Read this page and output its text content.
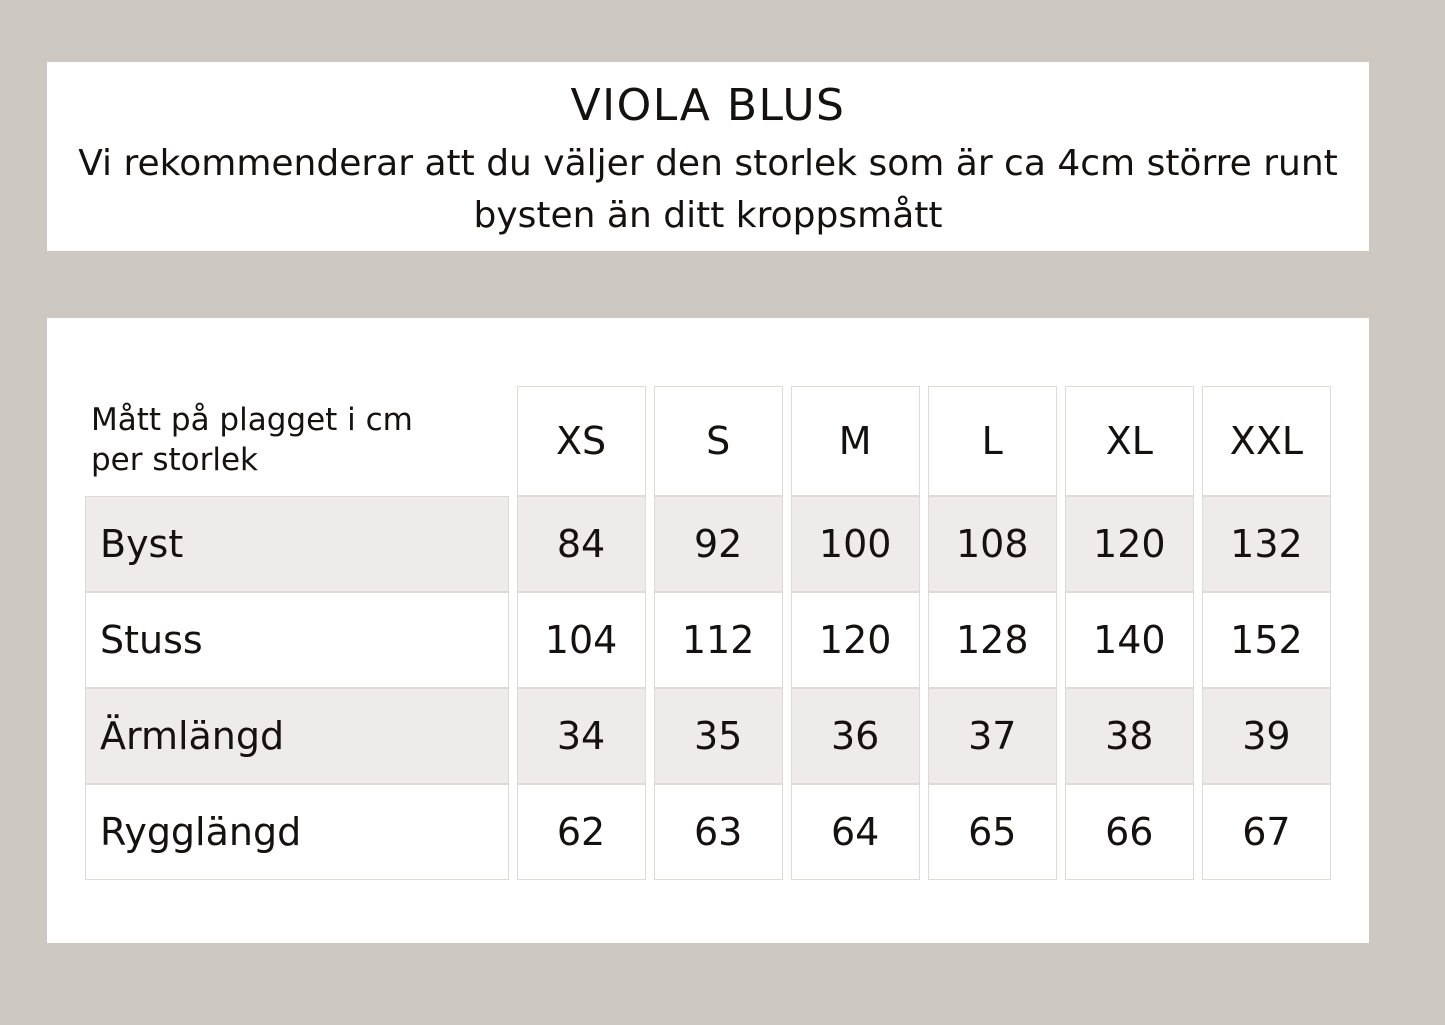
VIOLA BLUS
Vi rekommenderar att du väljer den storlek som är ca 4cm större runt bysten än ditt kroppsmått
Mått på plagget i cm per storlek	XS	S	M	L	XL	XXL
Byst	84	92	100	108	120	132
Stuss	104	112	120	128	140	152
Ärmlängd	34	35	36	37	38	39
Rygglängd	62	63	64	65	66	67
